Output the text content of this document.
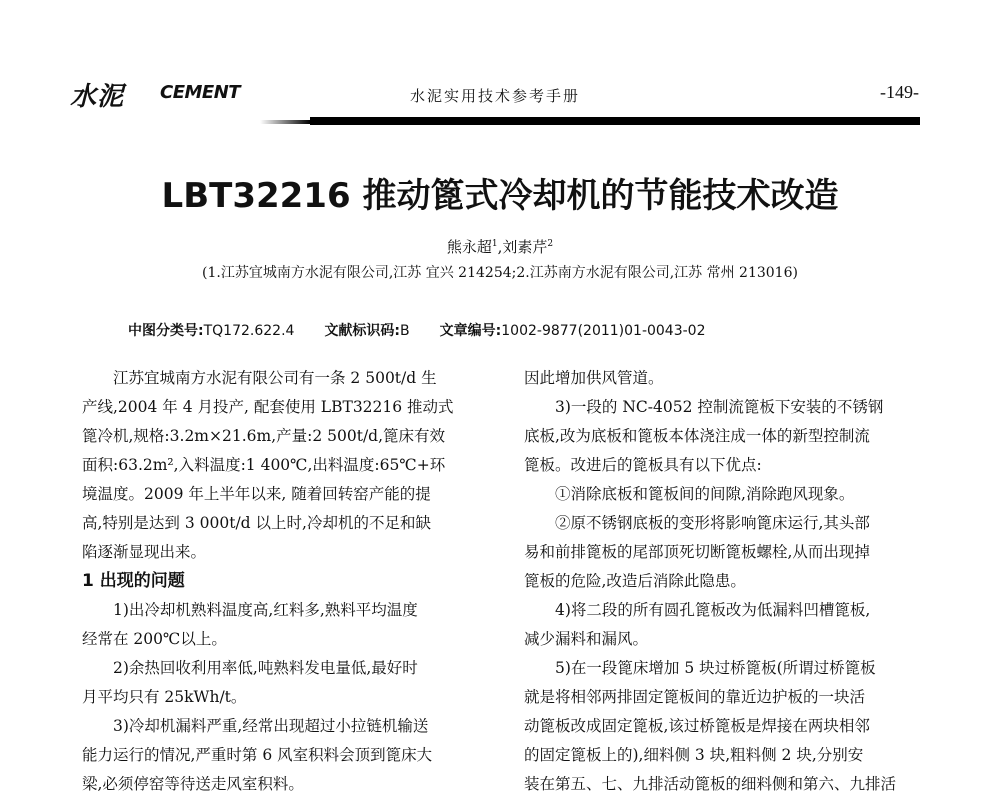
水泥 CEMENT	水泥实用技术参考手册	-149-
LBT32216 推动篦式冷却机的节能技术改造
熊永超$^1$,刘素芹$^2$
(1.江苏宜城南方水泥有限公司,江苏 宜兴 214254;2.江苏南方水泥有限公司,江苏 常州 213016)
中图分类号:TQ172.622.4 文献标识码:B 文章编号:1002-9877(2011)01-0043-02
江苏宜城南方水泥有限公司有一条 2 500t/d 生
产线,2004 年 4 月投产, 配套使用 LBT32216 推动式
篦冷机,规格:3.2m×21.6m,产量:2 500t/d,篦床有效
面积:63.2m²,入料温度:1 400℃,出料温度:65℃+环
境温度。2009 年上半年以来, 随着回转窑产能的提
高,特别是达到 3 000t/d 以上时,冷却机的不足和缺
陷逐渐显现出来。
1 出现的问题
1)出冷却机熟料温度高,红料多,熟料平均温度
经常在 200℃以上。
2)余热回收利用率低,吨熟料发电量低,最好时
月平均只有 25kWh/t。
3)冷却机漏料严重,经常出现超过小拉链机输送
能力运行的情况,严重时第 6 风室积料会顶到篦床大
梁,必须停窑等待送走风室积料。
因此增加供风管道。
3)一段的 NC-4052 控制流篦板下安装的不锈钢
底板,改为底板和篦板本体浇注成一体的新型控制流
篦板。改进后的篦板具有以下优点:
①消除底板和篦板间的间隙,消除跑风现象。
②原不锈钢底板的变形将影响篦床运行,其头部
易和前排篦板的尾部顶死切断篦板螺栓,从而出现掉
篦板的危险,改造后消除此隐患。
4)将二段的所有圆孔篦板改为低漏料凹槽篦板,
减少漏料和漏风。
5)在一段篦床增加 5 块过桥篦板(所谓过桥篦板
就是将相邻两排固定篦板间的靠近边护板的一块活
动篦板改成固定篦板,该过桥篦板是焊接在两块相邻
的固定篦板上的),细料侧 3 块,粗料侧 2 块,分别安
装在第五、七、九排活动篦板的细料侧和第六、九排活
